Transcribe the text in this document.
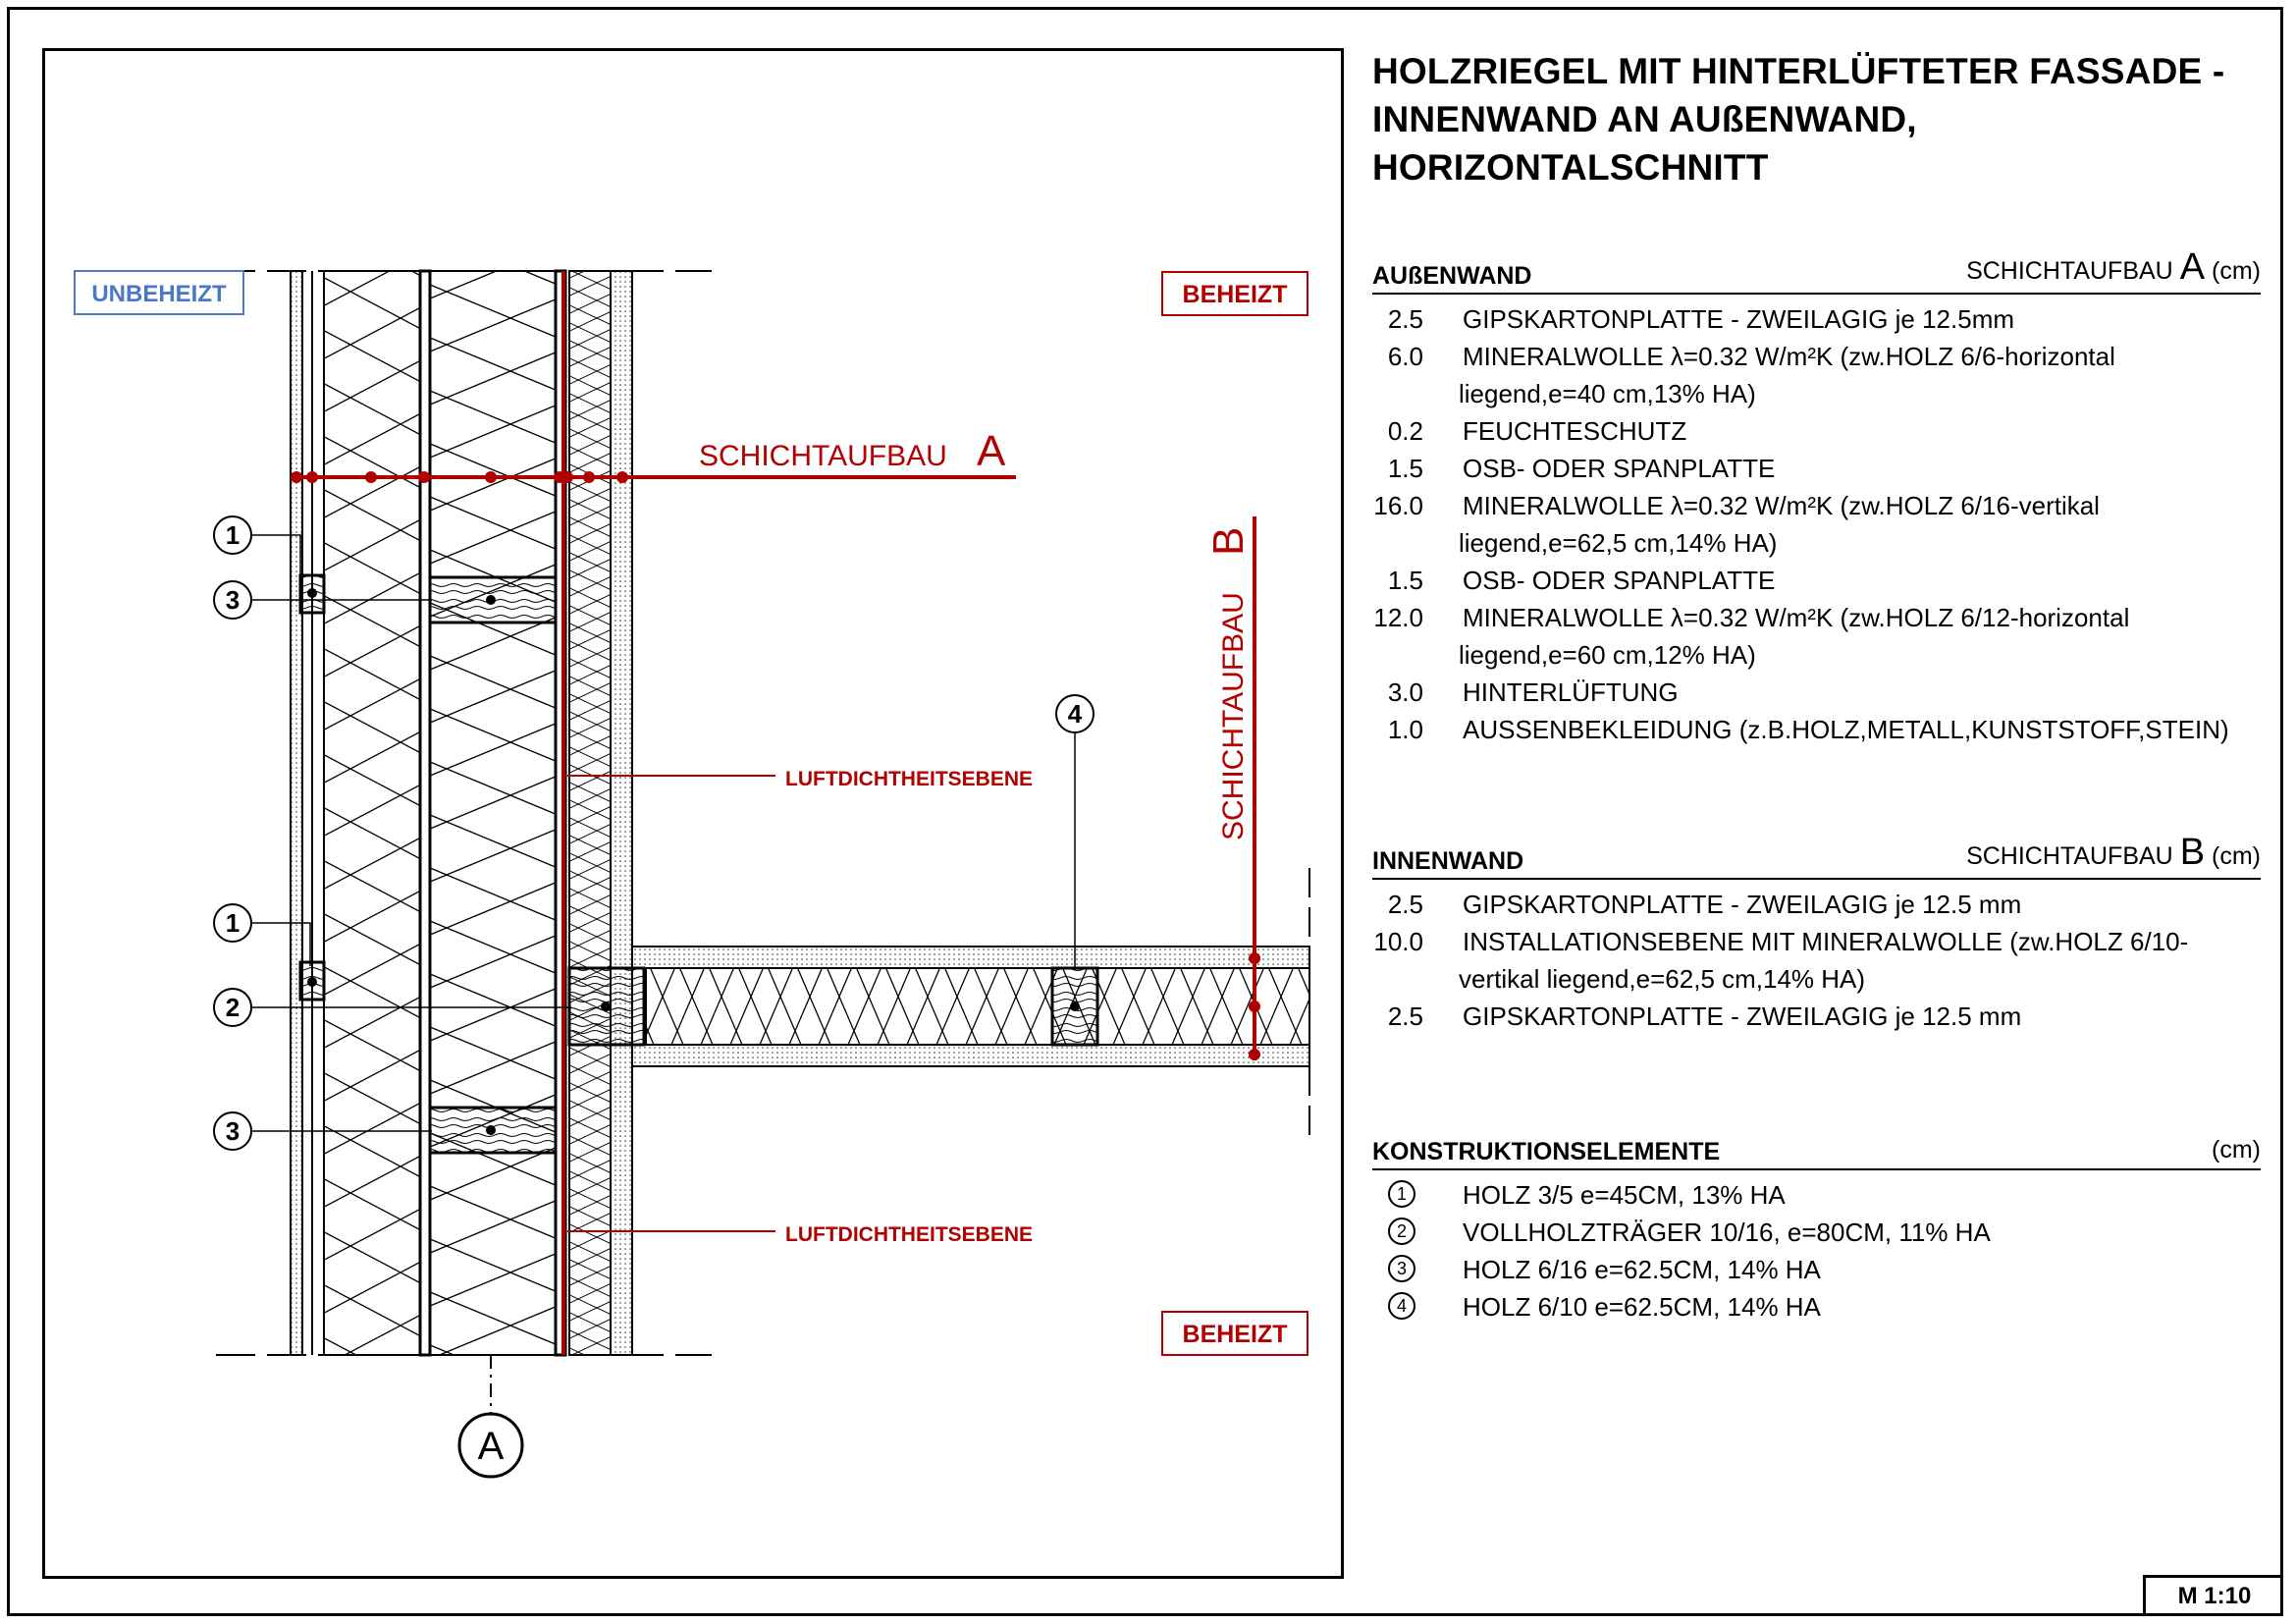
A
SCHICHTAUFBAU A
SCHICHTAUFBAU
B
LUFTDICHTHEITSEBENE
LUFTDICHTHEITSEBENE
UNBEHEIZT	BEHEIZT
BEHEIZT
1
3
1
2
3
4
HOLZRIEGEL MIT HINTERLÜFTETER FASSADE -
INNENWAND AN AUßENWAND,
HORIZONTALSCHNITT
AUßENWAND	SCHICHTAUFBAU A (cm)
2.5 GIPSKARTONPLATTE - ZWEILAGIG je 12.5mm
6.0 MINERALWOLLE λ=0.32 W/m²K (zw.HOLZ 6/6-horizontal
liegend,e=40 cm,13% HA)
0.2 FEUCHTESCHUTZ
1.5 OSB- ODER SPANPLATTE
16.0 MINERALWOLLE λ=0.32 W/m²K (zw.HOLZ 6/16-vertikal
liegend,e=62,5 cm,14% HA)
1.5 OSB- ODER SPANPLATTE
12.0 MINERALWOLLE λ=0.32 W/m²K (zw.HOLZ 6/12-horizontal
liegend,e=60 cm,12% HA)
3.0 HINTERLÜFTUNG
1.0 AUSSENBEKLEIDUNG (z.B.HOLZ,METALL,KUNSTSTOFF,STEIN)
INNENWAND	SCHICHTAUFBAU B (cm)
2.5 GIPSKARTONPLATTE - ZWEILAGIG je 12.5 mm
10.0 INSTALLATIONSEBENE MIT MINERALWOLLE (zw.HOLZ 6/10-
vertikal liegend,e=62,5 cm,14% HA)
2.5 GIPSKARTONPLATTE - ZWEILAGIG je 12.5 mm
KONSTRUKTIONSELEMENTE	(cm)
1	HOLZ 3/5 e=45CM, 13% HA
2	VOLLHOLZTRÄGER 10/16, e=80CM, 11% HA
3	HOLZ 6/16 e=62.5CM, 14% HA
4	HOLZ 6/10 e=62.5CM, 14% HA
M 1:10
